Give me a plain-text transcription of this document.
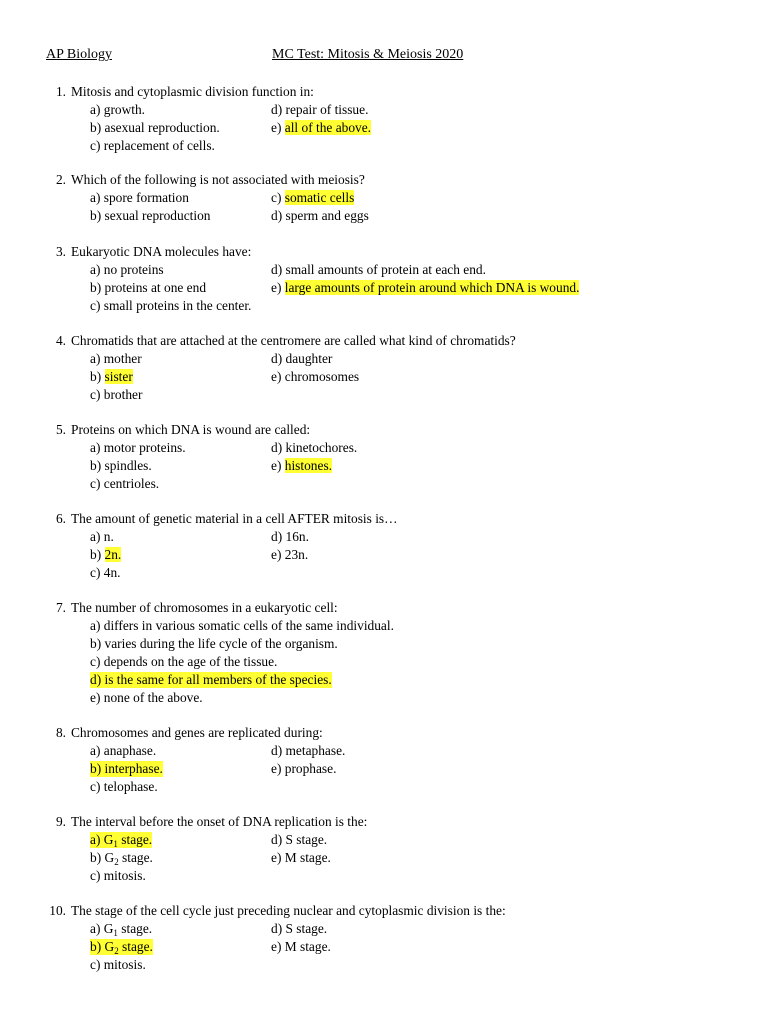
AP Biology	MC Test: Mitosis & Meiosis 2020
1. Mitosis and cytoplasmic division function in:
a) growth.	d) repair of tissue.
b) asexual reproduction.	e) all of the above.
c) replacement of cells.
2. Which of the following is not associated with meiosis?
a) spore formation	c) somatic cells
b) sexual reproduction	d) sperm and eggs
3. Eukaryotic DNA molecules have:
a) no proteins	d) small amounts of protein at each end.
b) proteins at one end	e) large amounts of protein around which DNA is wound.
c) small proteins in the center.
4. Chromatids that are attached at the centromere are called what kind of chromatids?
a) mother	d) daughter
b) sister	e) chromosomes
c) brother
5. Proteins on which DNA is wound are called:
a) motor proteins.	d) kinetochores.
b) spindles.	e) histones.
c) centrioles.
6. The amount of genetic material in a cell AFTER mitosis is…
a) n.	d) 16n.
b) 2n.	e) 23n.
c) 4n.
7. The number of chromosomes in a eukaryotic cell:
a) differs in various somatic cells of the same individual.
b) varies during the life cycle of the organism.
c) depends on the age of the tissue.
d) is the same for all members of the species.
e) none of the above.
8. Chromosomes and genes are replicated during:
a) anaphase.	d) metaphase.
b) interphase.	e) prophase.
c) telophase.
9. The interval before the onset of DNA replication is the:
a) $G_1$ stage.	d) S stage.
b) $G_2$ stage.	e) M stage.
c) mitosis.
10. The stage of the cell cycle just preceding nuclear and cytoplasmic division is the:
a) $G_1$ stage.	d) S stage.
b) $G_2$ stage.	e) M stage.
c) mitosis.
